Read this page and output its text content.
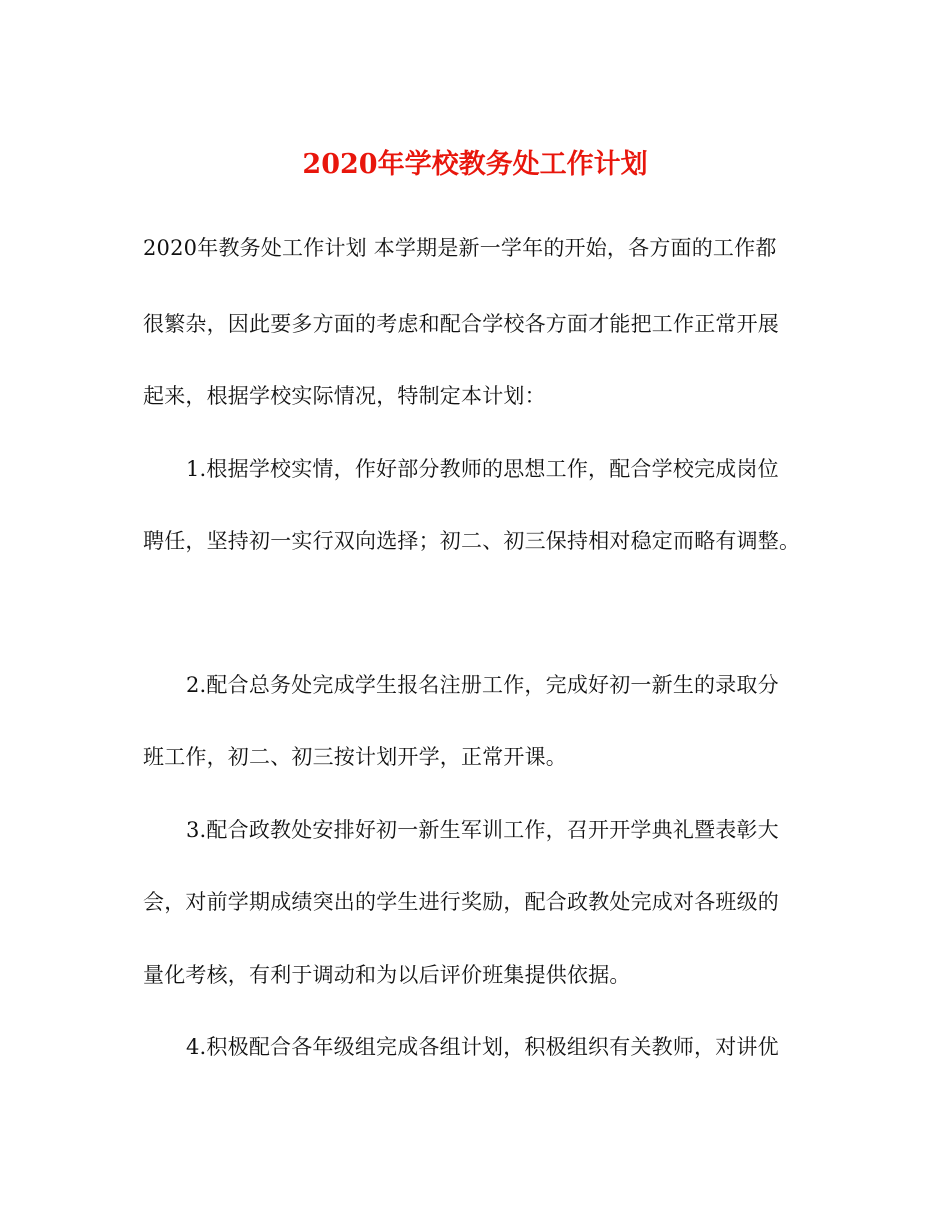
2020年学校教务处工作计划
2020年教务处工作计划 本学期是新一学年的开始，各方面的工作都
很繁杂，因此要多方面的考虑和配合学校各方面才能把工作正常开展
起来，根据学校实际情况，特制定本计划：
1.根据学校实情，作好部分教师的思想工作，配合学校完成岗位
聘任，坚持初一实行双向选择；初二、初三保持相对稳定而略有调整。
2.配合总务处完成学生报名注册工作，完成好初一新生的录取分
班工作，初二、初三按计划开学，正常开课。
3.配合政教处安排好初一新生军训工作，召开开学典礼暨表彰大
会，对前学期成绩突出的学生进行奖励，配合政教处完成对各班级的
量化考核，有利于调动和为以后评价班集提供依据。
4.积极配合各年级组完成各组计划，积极组织有关教师，对讲优
